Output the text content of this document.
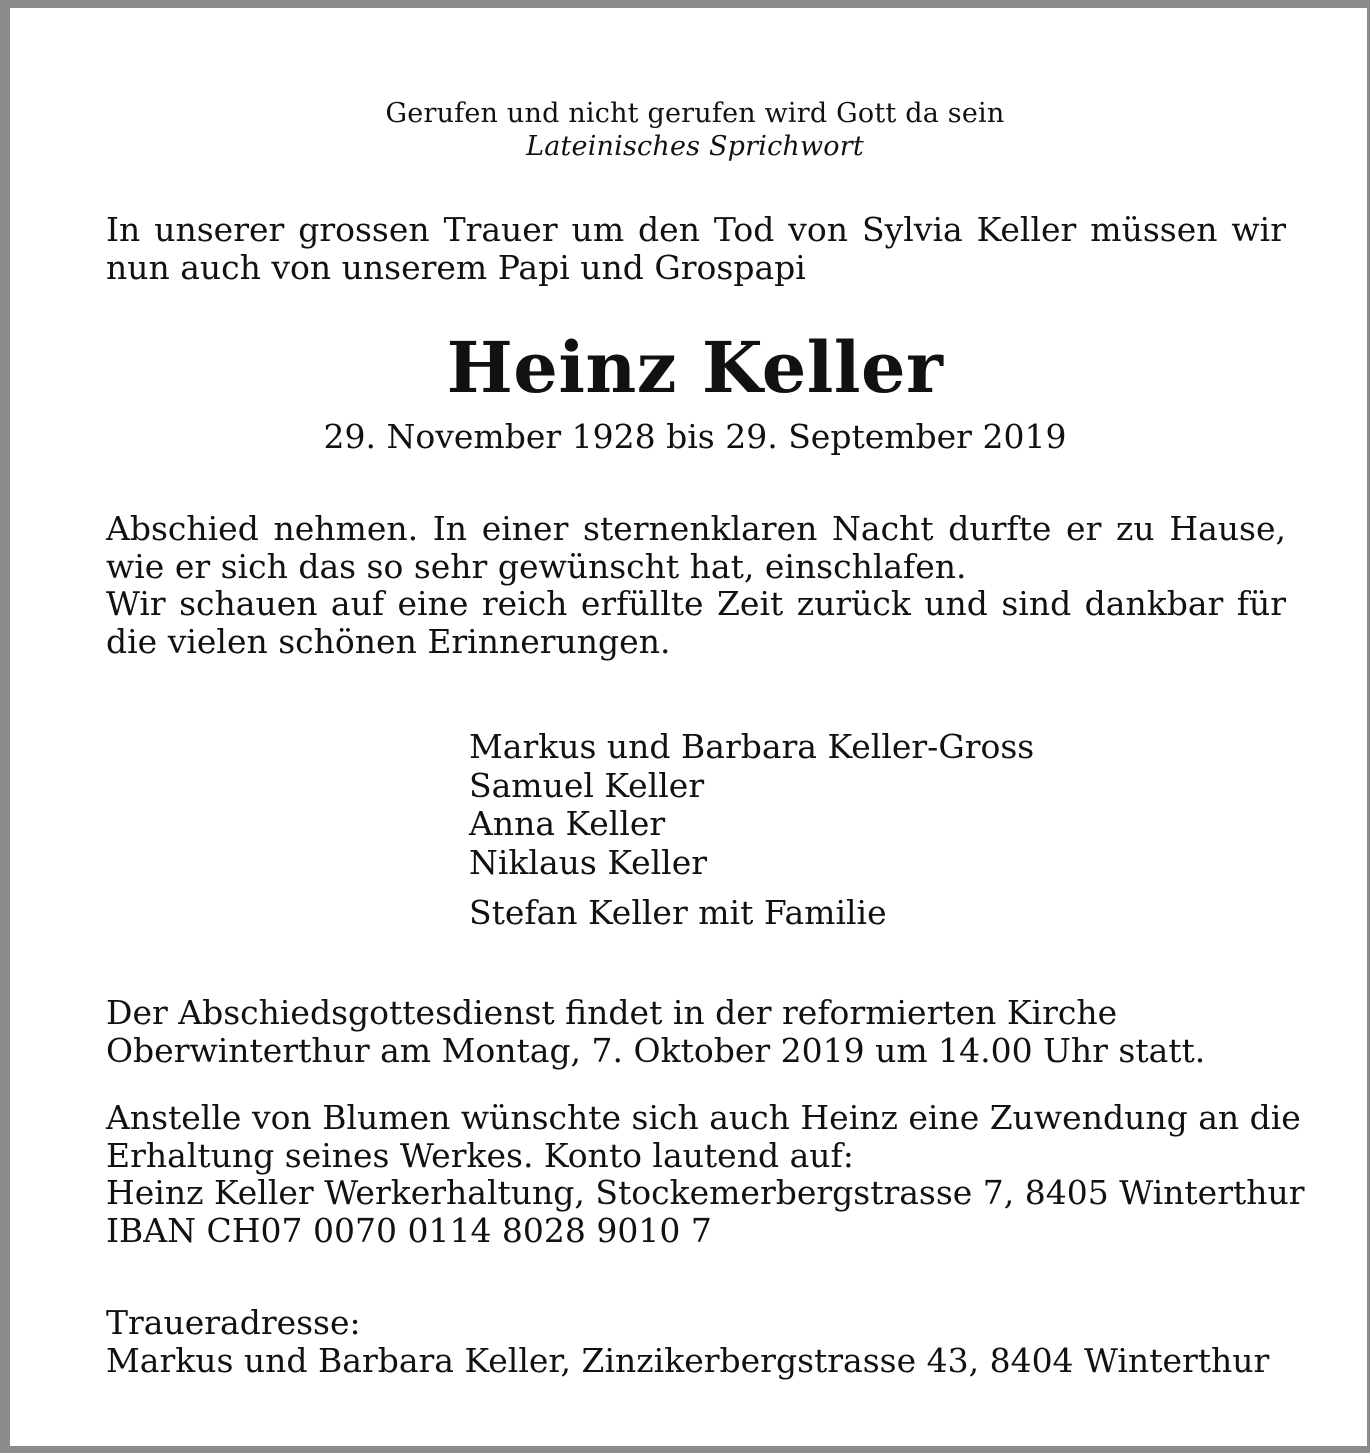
Gerufen und nicht gerufen wird Gott da sein
Lateinisches Sprichwort
In unserer grossen Trauer um den Tod von Sylvia Keller müssen wir
nun auch von unserem Papi und Grospapi
Heinz Keller
29. November 1928 bis 29. September 2019
Abschied nehmen. In einer sternenklaren Nacht durfte er zu Hause,
wie er sich das so sehr gewünscht hat, einschlafen.
Wir schauen auf eine reich erfüllte Zeit zurück und sind dankbar für
die vielen schönen Erinnerungen.
Markus und Barbara Keller-Gross
Samuel Keller
Anna Keller
Niklaus Keller
Stefan Keller mit Familie
Der Abschiedsgottesdienst findet in der reformierten Kirche
Oberwinterthur am Montag, 7. Oktober 2019 um 14.00 Uhr statt.
Anstelle von Blumen wünschte sich auch Heinz eine Zuwendung an die
Erhaltung seines Werkes. Konto lautend auf:
Heinz Keller Werkerhaltung, Stockemerbergstrasse 7, 8405 Winterthur
IBAN CH07 0070 0114 8028 9010 7
Traueradresse:
Markus und Barbara Keller, Zinzikerbergstrasse 43, 8404 Winterthur
